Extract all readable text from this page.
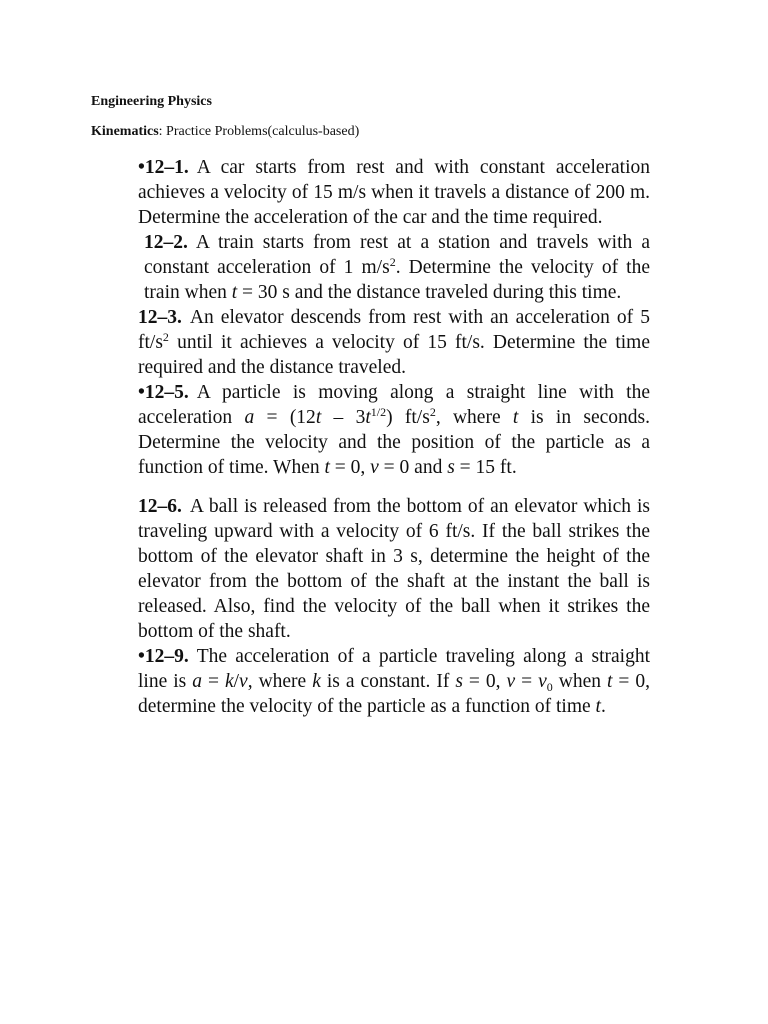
Engineering Physics

Kinematics: Practice Problems(calculus-based)

•12–1. A car starts from rest and with constant acceleration achieves a velocity of 15 m/s when it travels a distance of 200 m. Determine the acceleration of the car and the time required.

12–2. A train starts from rest at a station and travels with a constant acceleration of 1 $m/s^2$. Determine the velocity of the train when t = 30 s and the distance traveled during this time.

12–3. An elevator descends from rest with an acceleration of 5 $ft/s^2$ until it achieves a velocity of 15 ft/s. Determine the time required and the distance traveled.

•12–5. A particle is moving along a straight line with the acceleration $a = (12t - 3t^{1/2})$ $ft/s^2$, where t is in seconds. Determine the velocity and the position of the particle as a function of time. When t = 0, v = 0 and s = 15 ft.

12–6. A ball is released from the bottom of an elevator which is traveling upward with a velocity of 6 ft/s. If the ball strikes the bottom of the elevator shaft in 3 s, determine the height of the elevator from the bottom of the shaft at the instant the ball is released. Also, find the velocity of the ball when it strikes the bottom of the shaft.

•12–9. The acceleration of a particle traveling along a straight line is a = k/v, where k is a constant. If s = 0, $v = v_0$ when t = 0, determine the velocity of the particle as a function of time t.
